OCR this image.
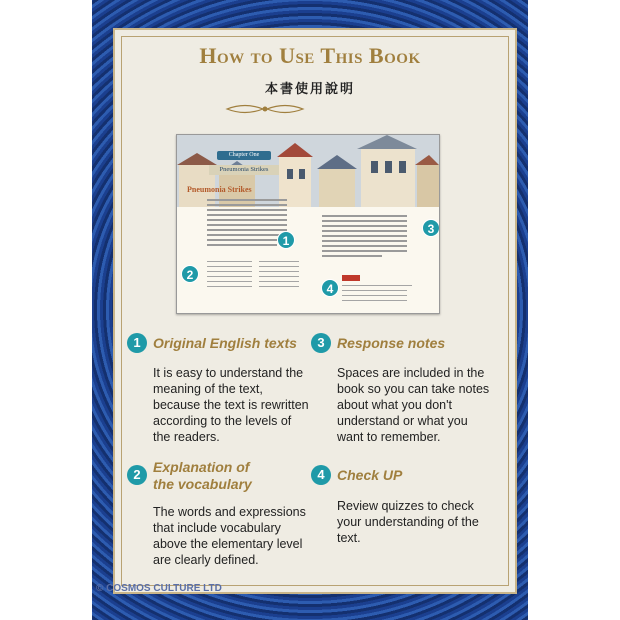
How to Use This Book
本書使用說明
Chapter One
Pneumonia Strikes
Pneumonia Strikes
1
2
3
4
1 Original English texts
It is easy to understand the
meaning of the text,
because the text is rewritten
according to the levels of
the readers.
2 Explanation of
the vocabulary
The words and expressions
that include vocabulary
above the elementary level
are clearly defined.
3 Response notes
Spaces are included in the
book so you can take notes
about what you don't
understand or what you
want to remember.
4 Check UP
Review quizzes to check
your understanding of the
text.
© COSMOS CULTURE LTD
